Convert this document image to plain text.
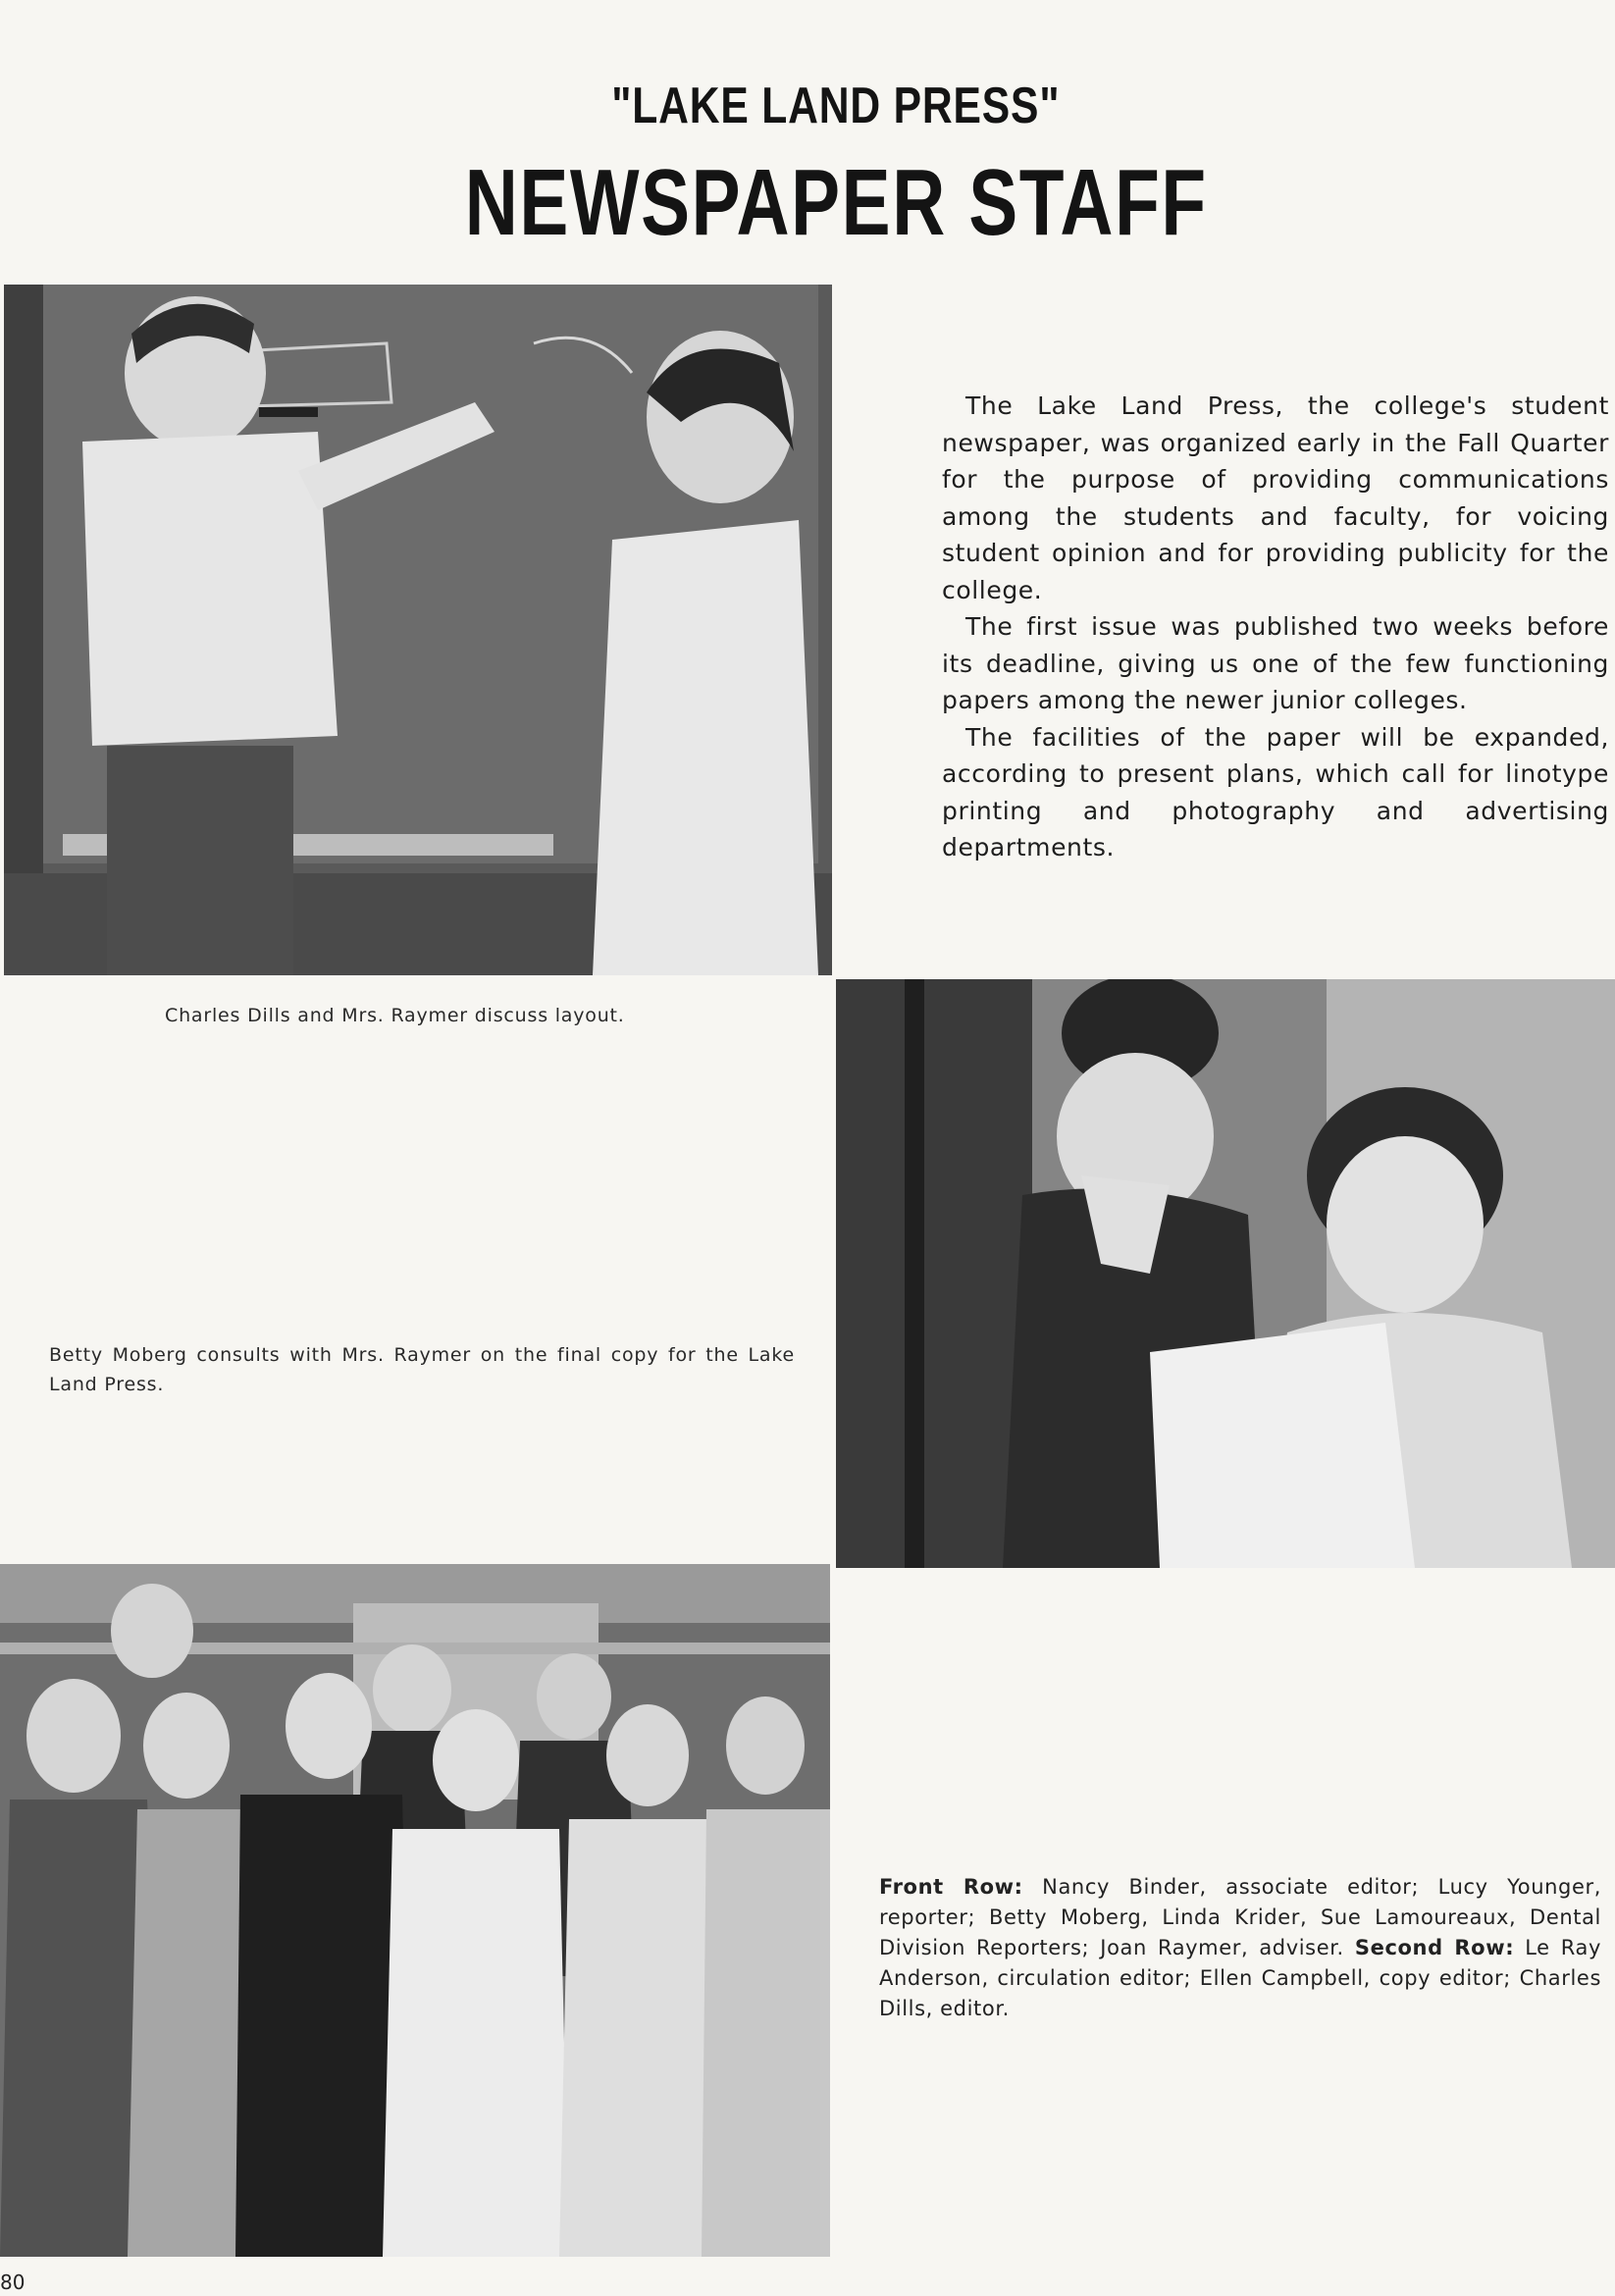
"LAKE LAND PRESS"
NEWSPAPER STAFF
Charles Dills and Mrs. Raymer discuss layout.

The Lake Land Press, the college's student newspaper, was organized early in the Fall Quarter for the purpose of providing communications among the students and faculty, for voicing student opinion and for providing publicity for the college.

The first issue was published two weeks before its deadline, giving us one of the few functioning papers among the newer junior colleges.

The facilities of the paper will be expanded, according to present plans, which call for linotype printing and photography and advertising departments.

Betty Moberg consults with Mrs. Raymer on the final copy for the Lake Land Press.
Front Row: Nancy Binder, associate editor; Lucy Younger, reporter; Betty Moberg, Linda Krider, Sue Lamoureaux, Dental Division Reporters; Joan Raymer, adviser. Second Row: Le Ray Anderson, circulation editor; Ellen Campbell, copy editor; Charles Dills, editor.
80
